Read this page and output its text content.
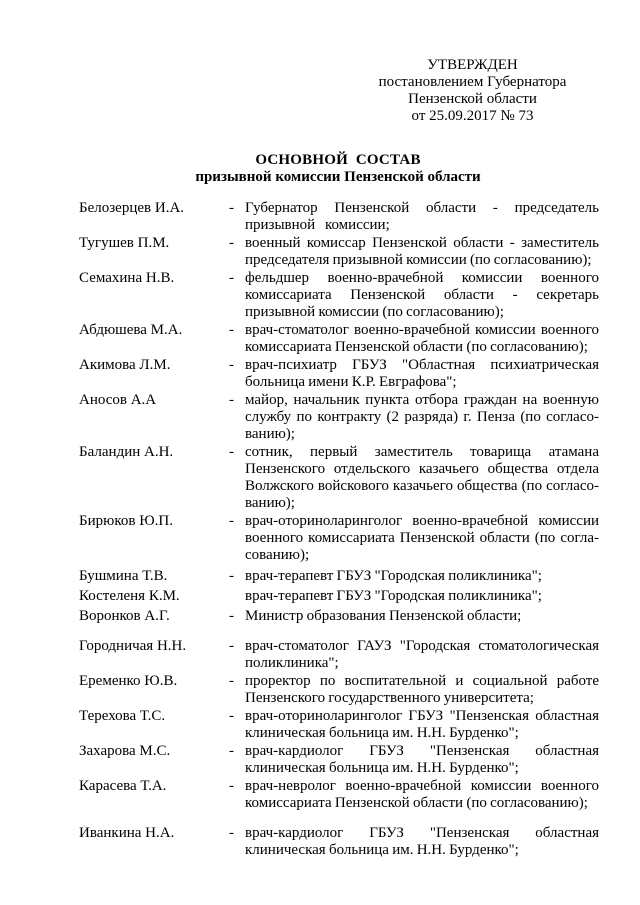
УТВЕРЖДЕН
постановлением Губернатора
Пензенской области
от 25.09.2017 № 73
ОСНОВНОЙ  СОСТАВ
призывной комиссии Пензенской области
Белозерцев И.А.	- Губернатор Пензенской области - председатель призывной комиссии;
Тугушев П.М.	- военный комиссар Пензенской области - заместитель председателя призывной комиссии (по согласованию);
Семахина Н.В.	- фельдшер военно-врачебной комиссии военного комиссариата Пензенской области - секретарь призывной комиссии (по согласованию);
Абдюшева М.А.	- врач-стоматолог военно-врачебной комиссии военного комиссариата Пензенской области (по согласованию);
Акимова Л.М.	- врач-психиатр ГБУЗ "Областная психиатрическая больница имени К.Р. Евграфова";
Аносов А.А	- майор, начальник пункта отбора граждан на военную службу по контракту (2 разряда) г. Пенза (по согласо-ванию);
Баландин А.Н.	- сотник, первый заместитель товарища атамана Пензенского отдельского казачьего общества отдела Волжского войскового казачьего общества (по согласо-ванию);
Бирюков Ю.П.	- врач-оториноларинголог военно-врачебной комиссии военного комиссариата Пензенской области (по согла-сованию);
Бушмина Т.В.	- врач-терапевт ГБУЗ "Городская поликлиника";
Костеленя К.М.	врач-терапевт ГБУЗ "Городская поликлиника";
Воронков А.Г.	- Министр образования Пензенской области;
Городничая Н.Н.	- врач-стоматолог ГАУЗ "Городская стоматологическая поликлиника";
Еременко Ю.В.	- проректор по воспитательной и социальной работе Пензенского государственного университета;
Терехова Т.С.	- врач-оториноларинголог ГБУЗ "Пензенская областная клиническая больница им. Н.Н. Бурденко";
Захарова М.С.	- врач-кардиолог ГБУЗ "Пензенская областная клиническая больница им. Н.Н. Бурденко";
Карасева Т.А.	- врач-невролог военно-врачебной комиссии военного комиссариата Пензенской области (по согласованию);
Иванкина Н.А.	- врач-кардиолог ГБУЗ "Пензенская областная клиническая больница им. Н.Н. Бурденко";
